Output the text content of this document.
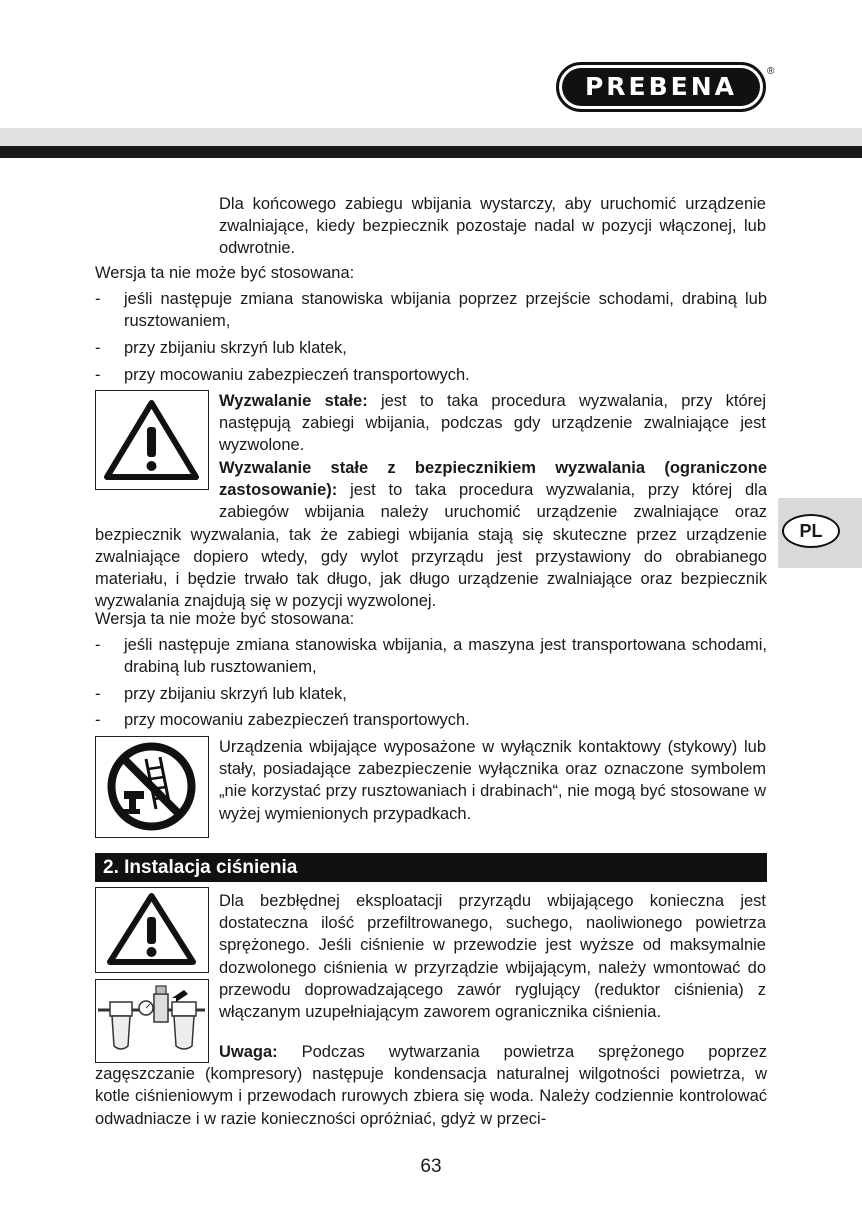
PREBENA
®
PL

Dla końcowego zabiegu wbijania wystarczy, aby uruchomić urządzenie zwalniające, kiedy bezpiecznik pozostaje nadal w pozycji włączonej, lub odwrotnie.

Wersja ta nie może być stosowana:

- jeśli następuje zmiana stanowiska wbijania poprzez przejście schodami, drabiną lub rusztowaniem,

- przy zbijaniu skrzyń lub klatek,

- przy mocowaniu zabezpieczeń transportowych.

Wyzwalanie stałe: jest to taka procedura wyzwalania, przy której następują zabiegi wbijania, podczas gdy urządzenie zwalniające jest wyzwolone.

Wyzwalanie stałe z bezpiecznikiem wyzwalania (ograniczone zastosowanie): jest to taka procedura wyzwalania, przy której dla zabiegów wbijania należy uruchomić urządzenie zwalniające oraz bezpiecznik wyzwalania, tak że zabiegi wbijania stają się skuteczne przez urządzenie zwalniające dopiero wtedy, gdy wylot przyrządu jest przystawiony do obrabianego materiału, i będzie trwało tak długo, jak długo urządzenie zwalniające oraz bezpiecznik wyzwalania znajdują się w pozycji wyzwolonej.

Wersja ta nie może być stosowana:

- jeśli następuje zmiana stanowiska wbijania, a maszyna jest transportowana schodami, drabiną lub rusztowaniem,

- przy zbijaniu skrzyń lub klatek,

- przy mocowaniu zabezpieczeń transportowych.

Urządzenia wbijające wyposażone w wyłącznik kontaktowy (stykowy) lub stały, posiadające zabezpieczenie wyłącznika oraz oznaczone symbolem „nie korzystać przy rusztowaniach i drabinach“, nie mogą być stosowane w wyżej wymienionych przypadkach.

2. Instalacja ciśnienia

Dla bezbłędnej eksploatacji przyrządu wbijającego konieczna jest dostateczna ilość przefiltrowanego, suchego, naoliwionego powietrza sprężonego. Jeśli ciśnienie w przewodzie jest wyższe od maksymalnie dozwolonego ciśnienia w przyrządzie wbijającym, należy wmontować do przewodu doprowadzającego zawór ryglujący (reduktor ciśnienia) z włączanym uzupełniającym zaworem ogranicznika ciśnienia.

Uwaga: Podczas wytwarzania powietrza sprężonego poprzez zagęszczanie (kompresory) następuje kondensacja naturalnej wilgotności powietrza, w kotle ciśnieniowym i przewodach rurowych zbiera się woda. Należy codziennie kontrolować odwadniacze i w razie konieczności opróżniać, gdyż w przeci-
63
